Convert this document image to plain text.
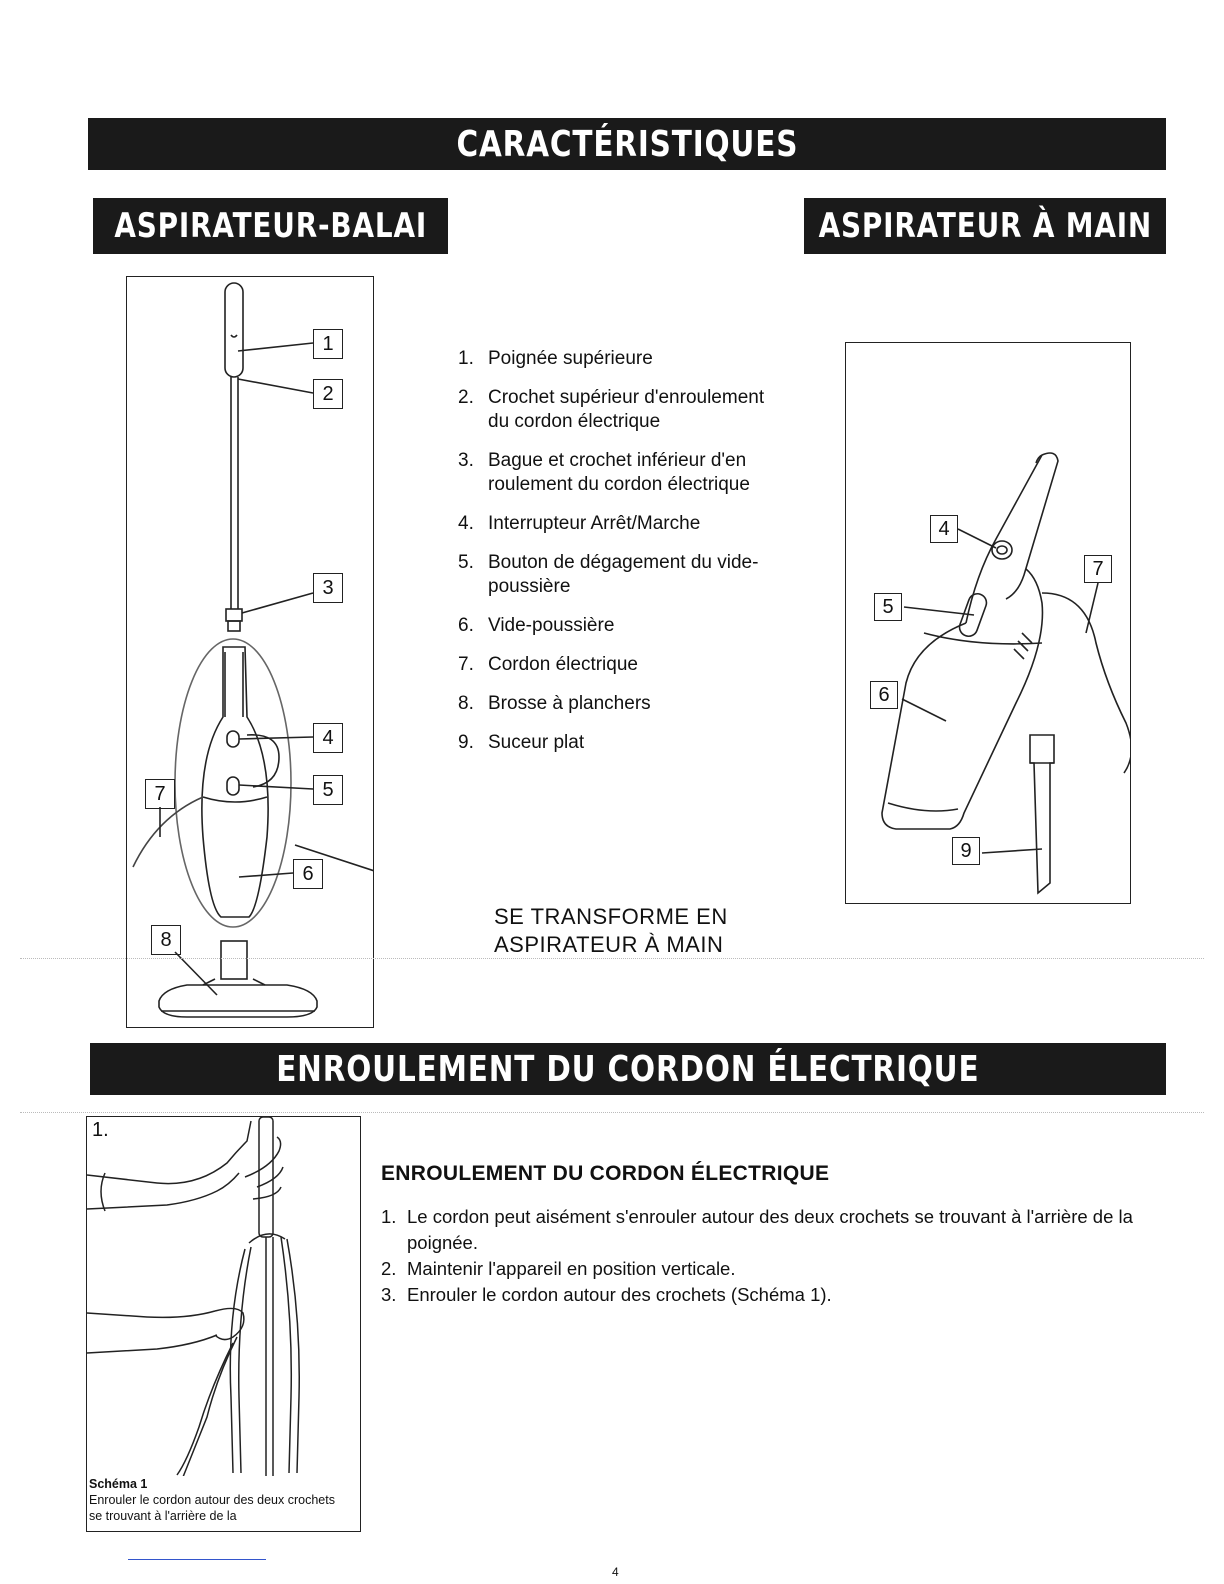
CARACTÉRISTIQUES
ASPIRATEUR-BALAI	ASPIRATEUR À MAIN
1
2
3
4
5
6
7
8
1. Poignée supérieure
2. Crochet supérieur d'enroulement du cordon électrique
3. Bague et crochet inférieur d'en roulement du cordon électrique
4. Interrupteur Arrêt/Marche
5. Bouton de dégagement du vide-poussière
6. Vide-poussière
7. Cordon électrique
8. Brosse à planchers
9. Suceur plat
SE TRANSFORME EN
ASPIRATEUR À MAIN
4
5
6
7
9
ENROULEMENT DU CORDON ÉLECTRIQUE
1.
Schéma 1
Enrouler le cordon autour des deux crochets se trouvant à l'arrière de la
ENROULEMENT DU CORDON ÉLECTRIQUE
1. Le cordon peut aisément s'enrouler autour des deux crochets se trouvant à l'arrière de la poignée.
2. Maintenir l'appareil en position verticale.
3. Enrouler le cordon autour des crochets (Schéma 1).
4
